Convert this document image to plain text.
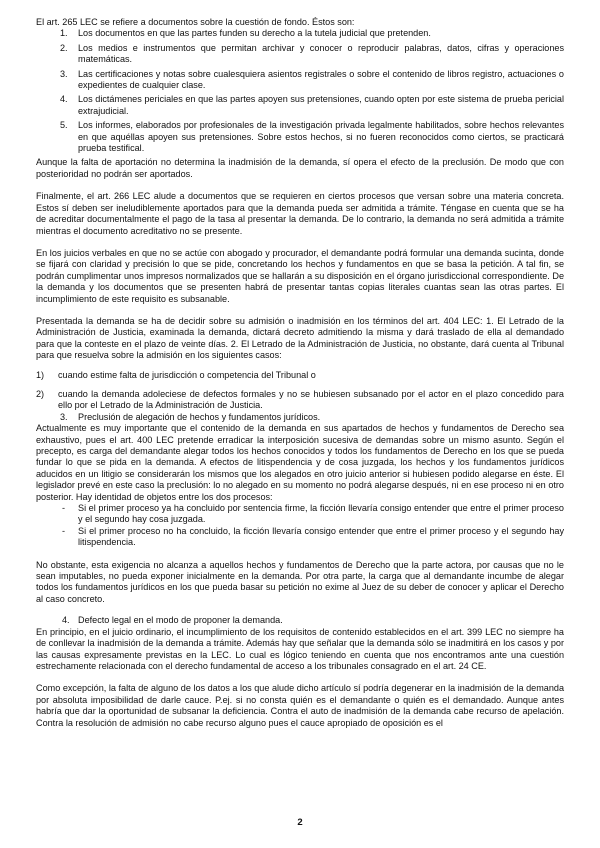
El art. 265 LEC se refiere a documentos sobre la cuestión de fondo. Éstos son:

1. Los documentos en que las partes funden su derecho a la tutela judicial que pretenden.
2. Los medios e instrumentos que permitan archivar y conocer o reproducir palabras, datos, cifras y operaciones matemáticas.
3. Las certificaciones y notas sobre cualesquiera asientos registrales o sobre el contenido de libros registro, actuaciones o expedientes de cualquier clase.
4. Los dictámenes periciales en que las partes apoyen sus pretensiones, cuando opten por este sistema de prueba pericial extrajudicial.
5. Los informes, elaborados por profesionales de la investigación privada legalmente habilitados, sobre hechos relevantes en que aquéllas apoyen sus pretensiones. Sobre estos hechos, si no fueren reconocidos como ciertos, se practicará prueba testifical.

Aunque la falta de aportación no determina la inadmisión de la demanda, sí opera el efecto de la preclusión. De modo que con posterioridad no podrán ser aportados.

Finalmente, el art. 266 LEC alude a documentos que se requieren en ciertos procesos que versan sobre una materia concreta. Estos sí deben ser ineludiblemente aportados para que la demanda pueda ser admitida a trámite. Téngase en cuenta que se ha de acreditar documentalmente el pago de la tasa al presentar la demanda. De lo contrario, la demanda no será admitida a trámite mientras el documento acreditativo no se presente.

En los juicios verbales en que no se actúe con abogado y procurador, el demandante podrá formular una demanda sucinta, donde se fijará con claridad y precisión lo que se pide, concretando los hechos y fundamentos en que se basa la petición. A tal fin, se podrán cumplimentar unos impresos normalizados que se hallarán a su disposición en el órgano jurisdiccional correspondiente. De la demanda y los documentos que se presenten habrá de presentar tantas copias literales cuantas sean las otras partes. El incumplimiento de este requisito es subsanable.

Presentada la demanda se ha de decidir sobre su admisión o inadmisión en los términos del art. 404 LEC: 1. El Letrado de la Administración de Justicia, examinada la demanda, dictará decreto admitiendo la misma y dará traslado de ella al demandado para que la conteste en el plazo de veinte días. 2. El Letrado de la Administración de Justicia, no obstante, dará cuenta al Tribunal para que resuelva sobre la admisión en los siguientes casos:

1) cuando estime falta de jurisdicción o competencia del Tribunal o
2) cuando la demanda adoleciese de defectos formales y no se hubiesen subsanado por el actor en el plazo concedido para ello por el Letrado de la Administración de Justicia.
3. Preclusión de alegación de hechos y fundamentos jurídicos.

Actualmente es muy importante que el contenido de la demanda en sus apartados de hechos y fundamentos de Derecho sea exhaustivo, pues el art. 400 LEC pretende erradicar la interposición sucesiva de demandas sobre un mismo asunto. Según el precepto, es carga del demandante alegar todos los hechos conocidos y todos los fundamentos de Derecho en los que se pueda fundar lo que se pida en la demanda. A efectos de litispendencia y de cosa juzgada, los hechos y los fundamentos jurídicos aducidos en un litigio se considerarán los mismos que los alegados en otro juicio anterior si hubiesen podido alegarse en éste. El legislador prevé en este caso la preclusión: lo no alegado en su momento no podrá alegarse después, ni en ese proceso ni en otro posterior. Hay identidad de objetos entre los dos procesos:

- Si el primer proceso ya ha concluido por sentencia firme, la ficción llevaría consigo entender que entre el primer proceso y el segundo hay cosa juzgada.
- Si el primer proceso no ha concluido, la ficción llevaría consigo entender que entre el primer proceso y el segundo hay litispendencia.

No obstante, esta exigencia no alcanza a aquellos hechos y fundamentos de Derecho que la parte actora, por causas que no le sean imputables, no pueda exponer inicialmente en la demanda. Por otra parte, la carga que al demandante incumbe de alegar todos los fundamentos jurídicos en los que pueda basar su petición no exime al Juez de su deber de conocer y aplicar el Derecho al caso concreto.

4. Defecto legal en el modo de proponer la demanda.

En principio, en el juicio ordinario, el incumplimiento de los requisitos de contenido establecidos en el art. 399 LEC no siempre ha de conllevar la inadmisión de la demanda a trámite. Además hay que señalar que la demanda sólo se inadmitirá en los casos y por las causas expresamente previstas en la LEC. Lo cual es lógico teniendo en cuenta que nos encontramos ante una cuestión estrechamente relacionada con el derecho fundamental de acceso a los tribunales consagrado en el art. 24 CE.

Como excepción, la falta de alguno de los datos a los que alude dicho artículo sí podría degenerar en la inadmisión de la demanda por absoluta imposibilidad de darle cauce. P.ej. si no consta quién es el demandante o quién es el demandado. Aunque antes habría que dar la oportunidad de subsanar la deficiencia. Contra el auto de inadmisión de la demanda cabe recurso de apelación. Contra la resolución de admisión no cabe recurso alguno pues el cauce apropiado de oposición es el

2
